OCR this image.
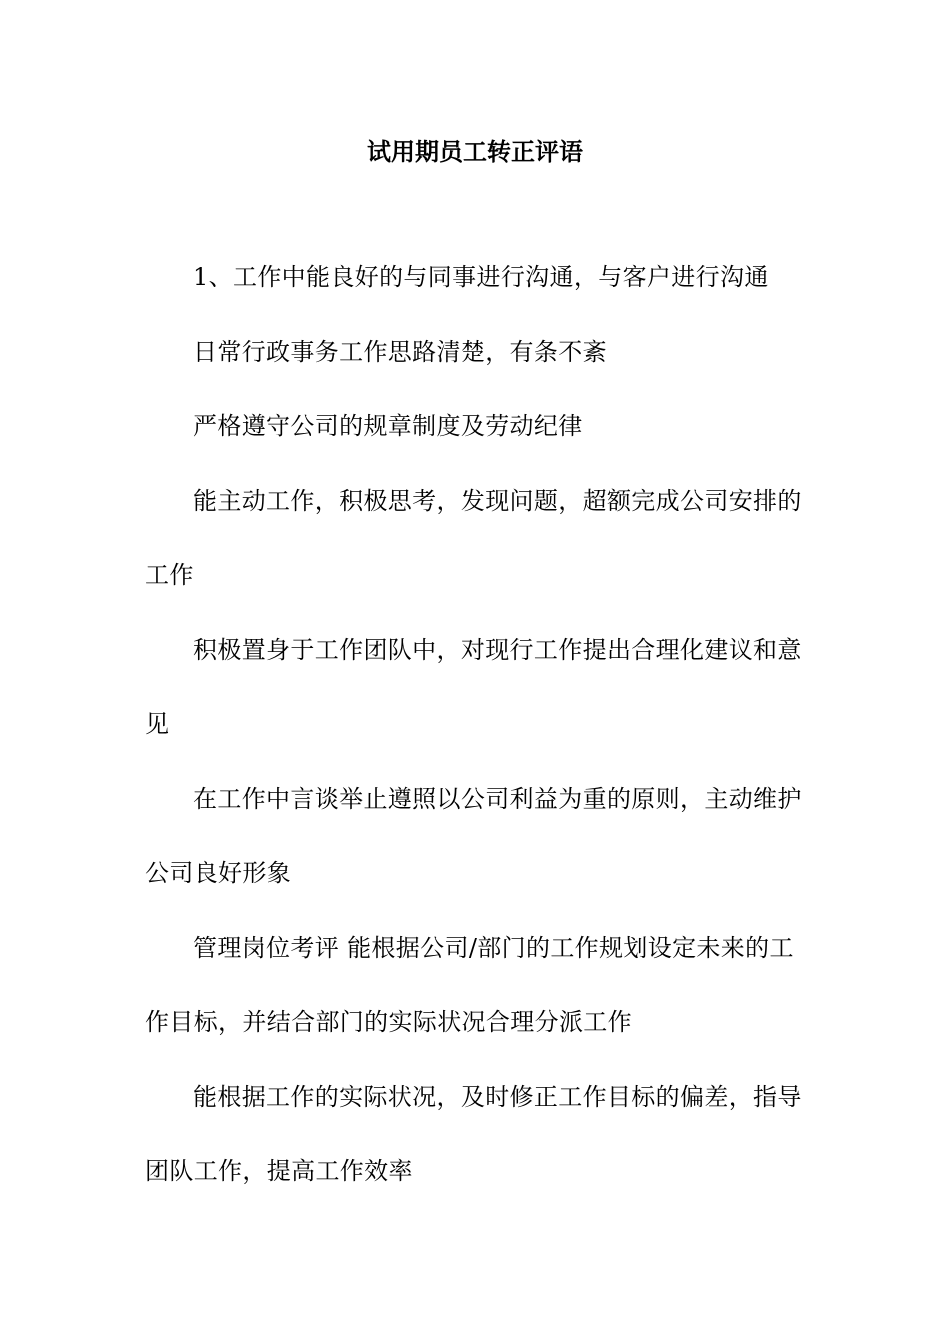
试用期员工转正评语

1、工作中能良好的与同事进行沟通，与客户进行沟通

日常行政事务工作思路清楚，有条不紊

严格遵守公司的规章制度及劳动纪律

能主动工作，积极思考，发现问题，超额完成公司安排的
工作

积极置身于工作团队中，对现行工作提出合理化建议和意
见

在工作中言谈举止遵照以公司利益为重的原则，主动维护
公司良好形象

管理岗位考评 能根据公司/部门的工作规划设定未来的工
作目标，并结合部门的实际状况合理分派工作

能根据工作的实际状况，及时修正工作目标的偏差，指导
团队工作，提高工作效率
